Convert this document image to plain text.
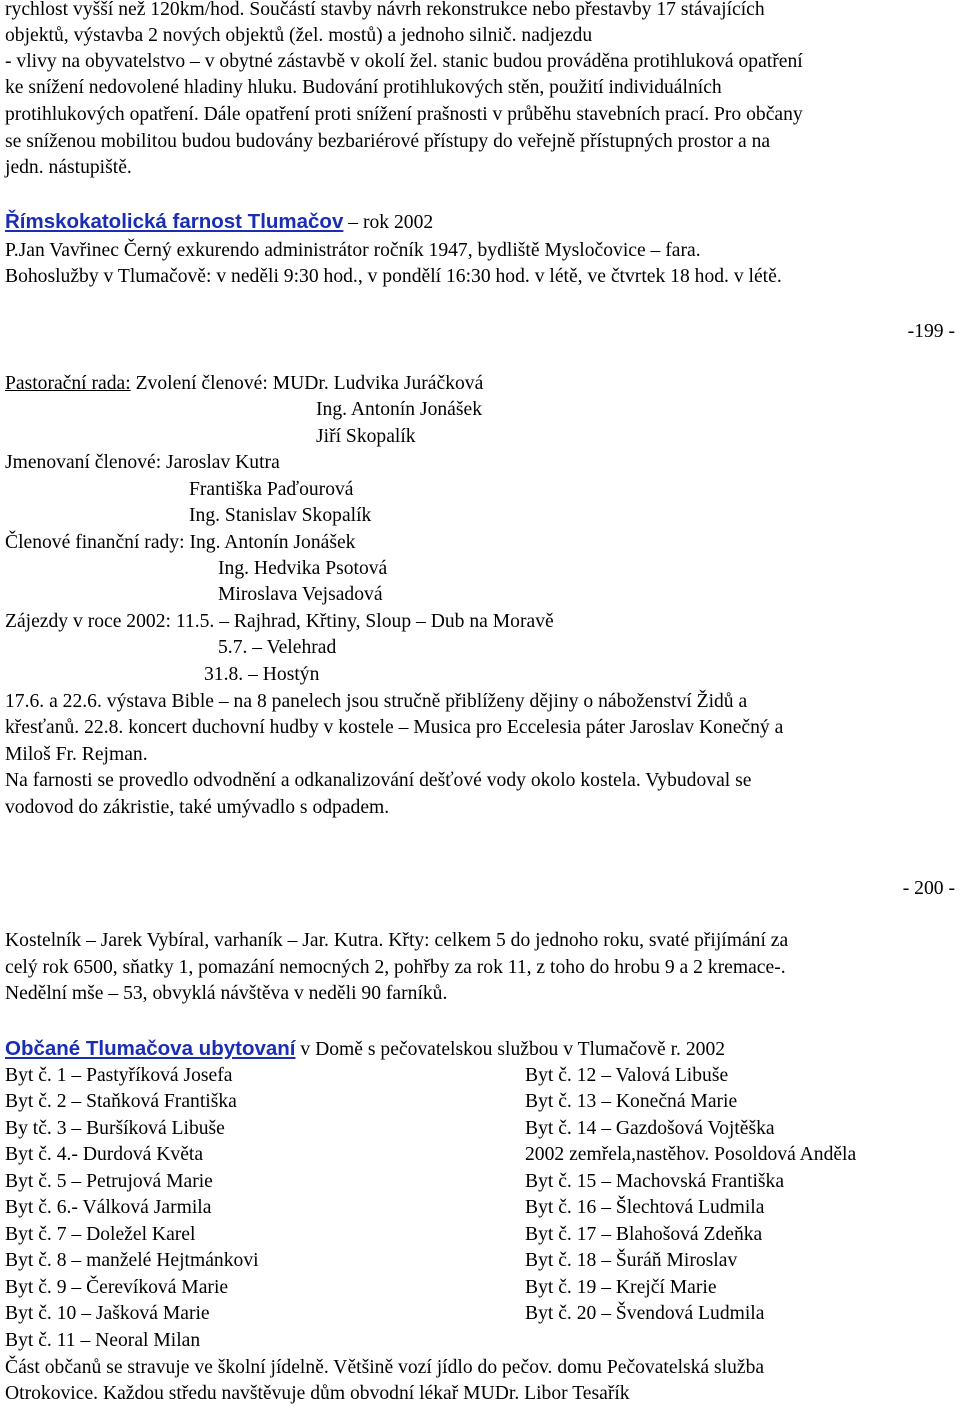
rychlost vyšší než 120km/hod. Součástí stavby návrh rekonstrukce nebo přestavby 17 stávajících
objektů, výstavba 2 nových objektů (žel. mostů) a jednoho silnič. nadjezdu
- vlivy na obyvatelstvo – v obytné zástavbě v okolí žel. stanic budou prováděna protihluková opatření
ke snížení nedovolené hladiny hluku. Budování protihlukových stěn, použití individuálních
protihlukových opatření. Dále opatření proti snížení prašnosti v průběhu stavebních prací. Pro občany
se sníženou mobilitou budou budovány bezbariérové přístupy do veřejně přístupných prostor a na
jedn. nástupiště.
Římskokatolická farnost Tlumačov – rok 2002
P.Jan Vavřinec Černý exkurendo administrátor ročník 1947, bydliště Mysločovice – fara.
Bohoslužby v Tlumačově: v neděli 9:30 hod., v pondělí 16:30 hod. v létě, ve čtvrtek 18 hod. v létě.
-199 -
Pastorační rada: Zvolení členové: MUDr. Ludvika Juráčková
Ing. Antonín Jonášek
Jiří Skopalík
Jmenovaní členové: Jaroslav Kutra
Františka Paďourová
Ing. Stanislav Skopalík
Členové finanční rady: Ing. Antonín Jonášek
Ing. Hedvika Psotová
Miroslava Vejsadová
Zájezdy v roce 2002: 11.5. – Rajhrad, Křtiny, Sloup – Dub na Moravě
5.7. – Velehrad
31.8. – Hostýn
17.6. a 22.6. výstava Bible – na 8 panelech jsou stručně přiblíženy dějiny o náboženství Židů a
křesťanů. 22.8. koncert duchovní hudby v kostele – Musica pro Eccelesia páter Jaroslav Konečný a
Miloš Fr. Rejman.
Na farnosti se provedlo odvodnění a odkanalizování dešťové vody okolo kostela. Vybudoval se
vodovod do zákristie, také umývadlo s odpadem.
- 200 -
Kostelník – Jarek Vybíral, varhaník – Jar. Kutra. Křty: celkem 5 do jednoho roku, svaté přijímání za
celý rok 6500, sňatky 1, pomazání nemocných 2, pohřby za rok 11, z toho do hrobu 9 a 2 kremace-.
Nedělní mše – 53, obvyklá návštěva v neděli 90 farníků.
Občané Tlumačova ubytovaní v Domě s pečovatelskou službou v Tlumačově r. 2002
Byt č. 1 – Pastyříková Josefa	Byt č. 12 – Valová Libuše
Byt č. 2 – Staňková Františka	Byt č. 13 – Konečná Marie
By tč. 3 – Buršíková Libuše	Byt č. 14 – Gazdošová Vojtěška
Byt č. 4.- Durdová Květa	2002 zemřela,nastěhov. Posoldová Anděla
Byt č. 5 – Petrujová Marie	Byt č. 15 – Machovská Františka
Byt č. 6.- Válková Jarmila	Byt č. 16 – Šlechtová Ludmila
Byt č. 7 – Doležel Karel	Byt č. 17 – Blahošová Zdeňka
Byt č. 8 – manželé Hejtmánkovi	Byt č. 18 – Šuráň Miroslav
Byt č. 9 – Čerevíková Marie	Byt č. 19 – Krejčí Marie
Byt č. 10 – Jašková Marie	Byt č. 20 – Švendová Ludmila
Byt č. 11 – Neoral Milan
Část občanů se stravuje ve školní jídelně. Většině vozí jídlo do pečov. domu Pečovatelská služba
Otrokovice. Každou středu navštěvuje dům obvodní lékař MUDr. Libor Tesařík
